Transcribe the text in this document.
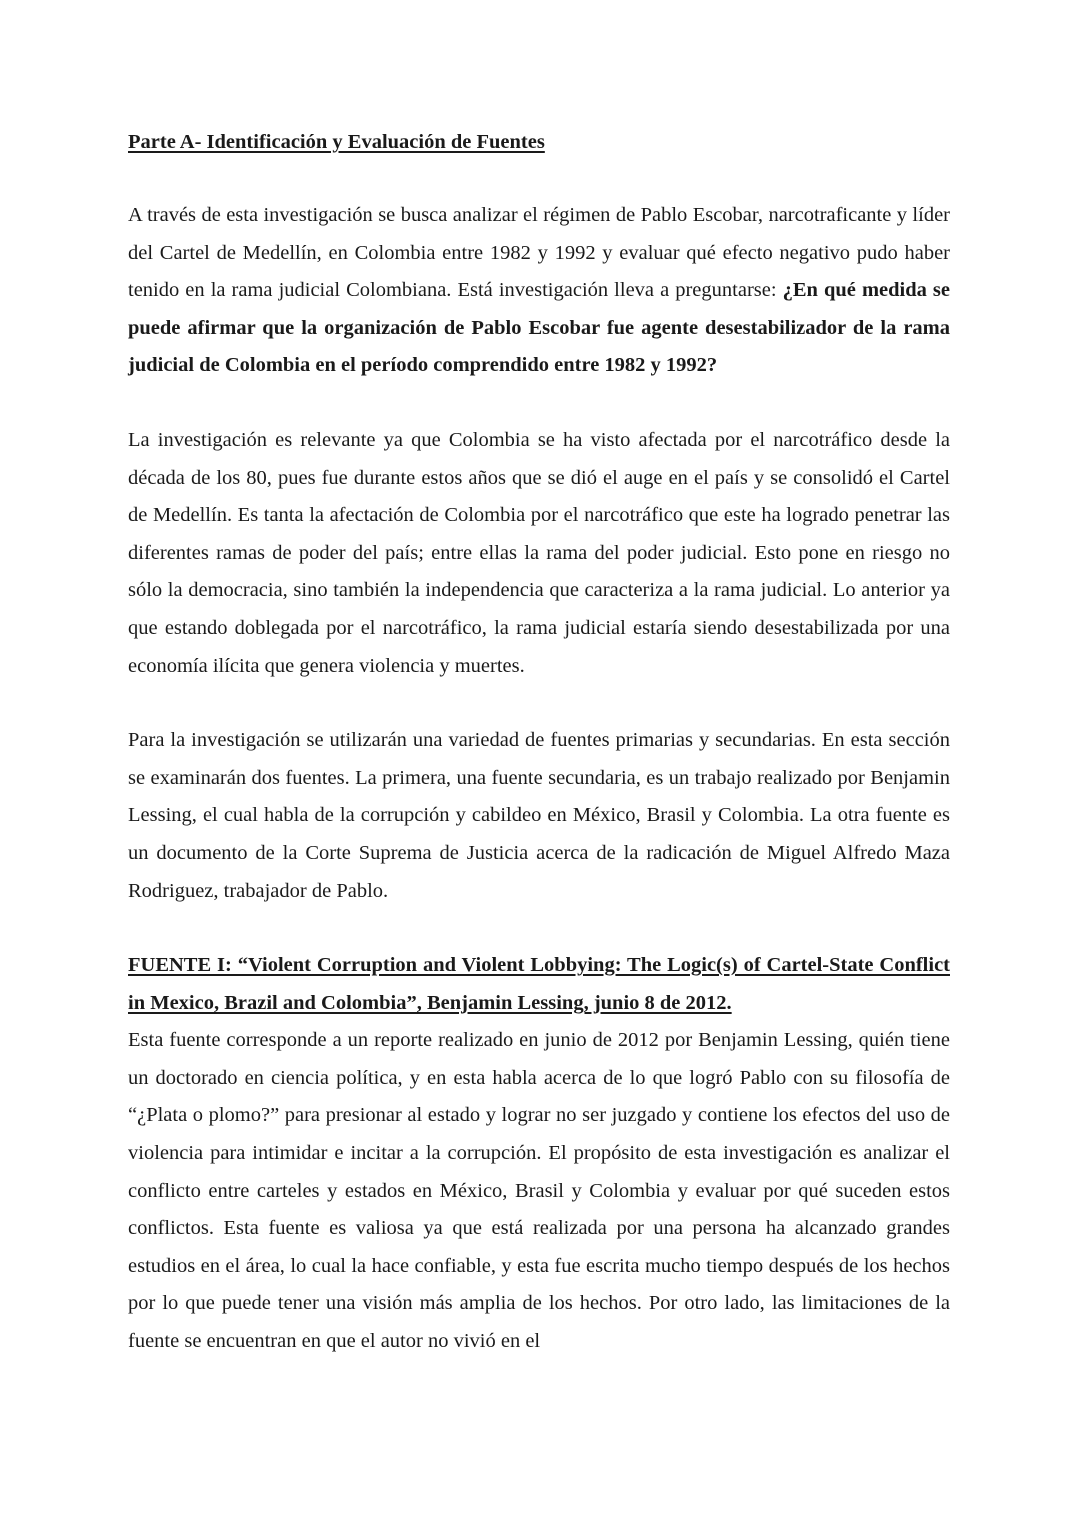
Parte A- Identificación y Evaluación de Fuentes

A través de esta investigación se busca analizar el régimen de Pablo Escobar, narcotraficante y líder del Cartel de Medellín, en Colombia entre 1982 y 1992 y evaluar qué efecto negativo pudo haber tenido en la rama judicial Colombiana. Está investigación lleva a preguntarse: ¿En qué medida se puede afirmar que la organización de Pablo Escobar fue agente desestabilizador de la rama judicial de Colombia en el período comprendido entre 1982 y 1992?

La investigación es relevante ya que Colombia se ha visto afectada por el narcotráfico desde la década de los 80, pues fue durante estos años que se dió el auge en el país y se consolidó el Cartel de Medellín. Es tanta la afectación de Colombia por el narcotráfico que este ha logrado penetrar las diferentes ramas de poder del país; entre ellas la rama del poder judicial. Esto pone en riesgo no sólo la democracia, sino también la independencia que caracteriza a la rama judicial. Lo anterior ya que estando doblegada por el narcotráfico, la rama judicial estaría siendo desestabilizada por una economía ilícita que genera violencia y muertes.

Para la investigación se utilizarán una variedad de fuentes primarias y secundarias. En esta sección se examinarán dos fuentes. La primera, una fuente secundaria, es un trabajo realizado por Benjamin Lessing, el cual habla de la corrupción y cabildeo en México, Brasil y Colombia. La otra fuente es un documento de la Corte Suprema de Justicia acerca de la radicación de Miguel Alfredo Maza Rodriguez, trabajador de Pablo.

FUENTE I: “Violent Corruption and Violent Lobbying: The Logic(s) of Cartel-State Conflict in Mexico, Brazil and Colombia”, Benjamin Lessing, junio 8 de 2012.

Esta fuente corresponde a un reporte realizado en junio de 2012 por Benjamin Lessing, quién tiene un doctorado en ciencia política, y en esta habla acerca de lo que logró Pablo con su filosofía de “¿Plata o plomo?” para presionar al estado y lograr no ser juzgado y contiene los efectos del uso de violencia para intimidar e incitar a la corrupción. El propósito de esta investigación es analizar el conflicto entre carteles y estados en México, Brasil y Colombia y evaluar por qué suceden estos conflictos. Esta fuente es valiosa ya que está realizada por una persona ha alcanzado grandes estudios en el área, lo cual la hace confiable, y esta fue escrita mucho tiempo después de los hechos por lo que puede tener una visión más amplia de los hechos. Por otro lado, las limitaciones de la fuente se encuentran en que el autor no vivió en el
